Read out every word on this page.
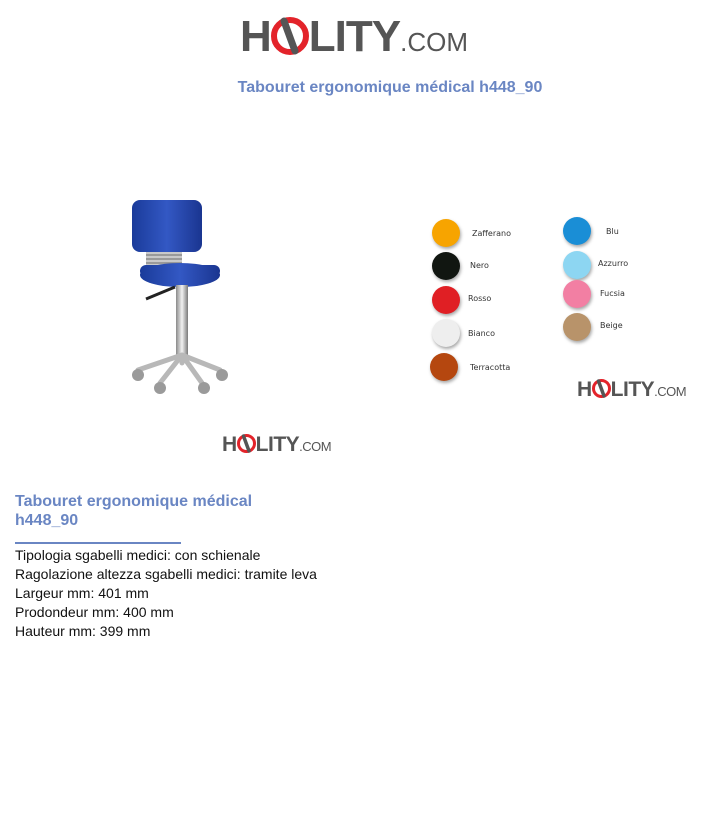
H LITY.COM
Tabouret ergonomique médical h448_90
H LITY.COM
Zafferano
Nero
Rosso
Bianco
Terracotta
Blu
Azzurro
Fucsia
Beige
H LITY.COM
Tabouret ergonomique médical h448_90
Tipologia sgabelli medici: con schienale
Ragolazione altezza sgabelli medici: tramite leva
Largeur mm: 401 mm
Prodondeur mm: 400 mm
Hauteur mm: 399 mm
